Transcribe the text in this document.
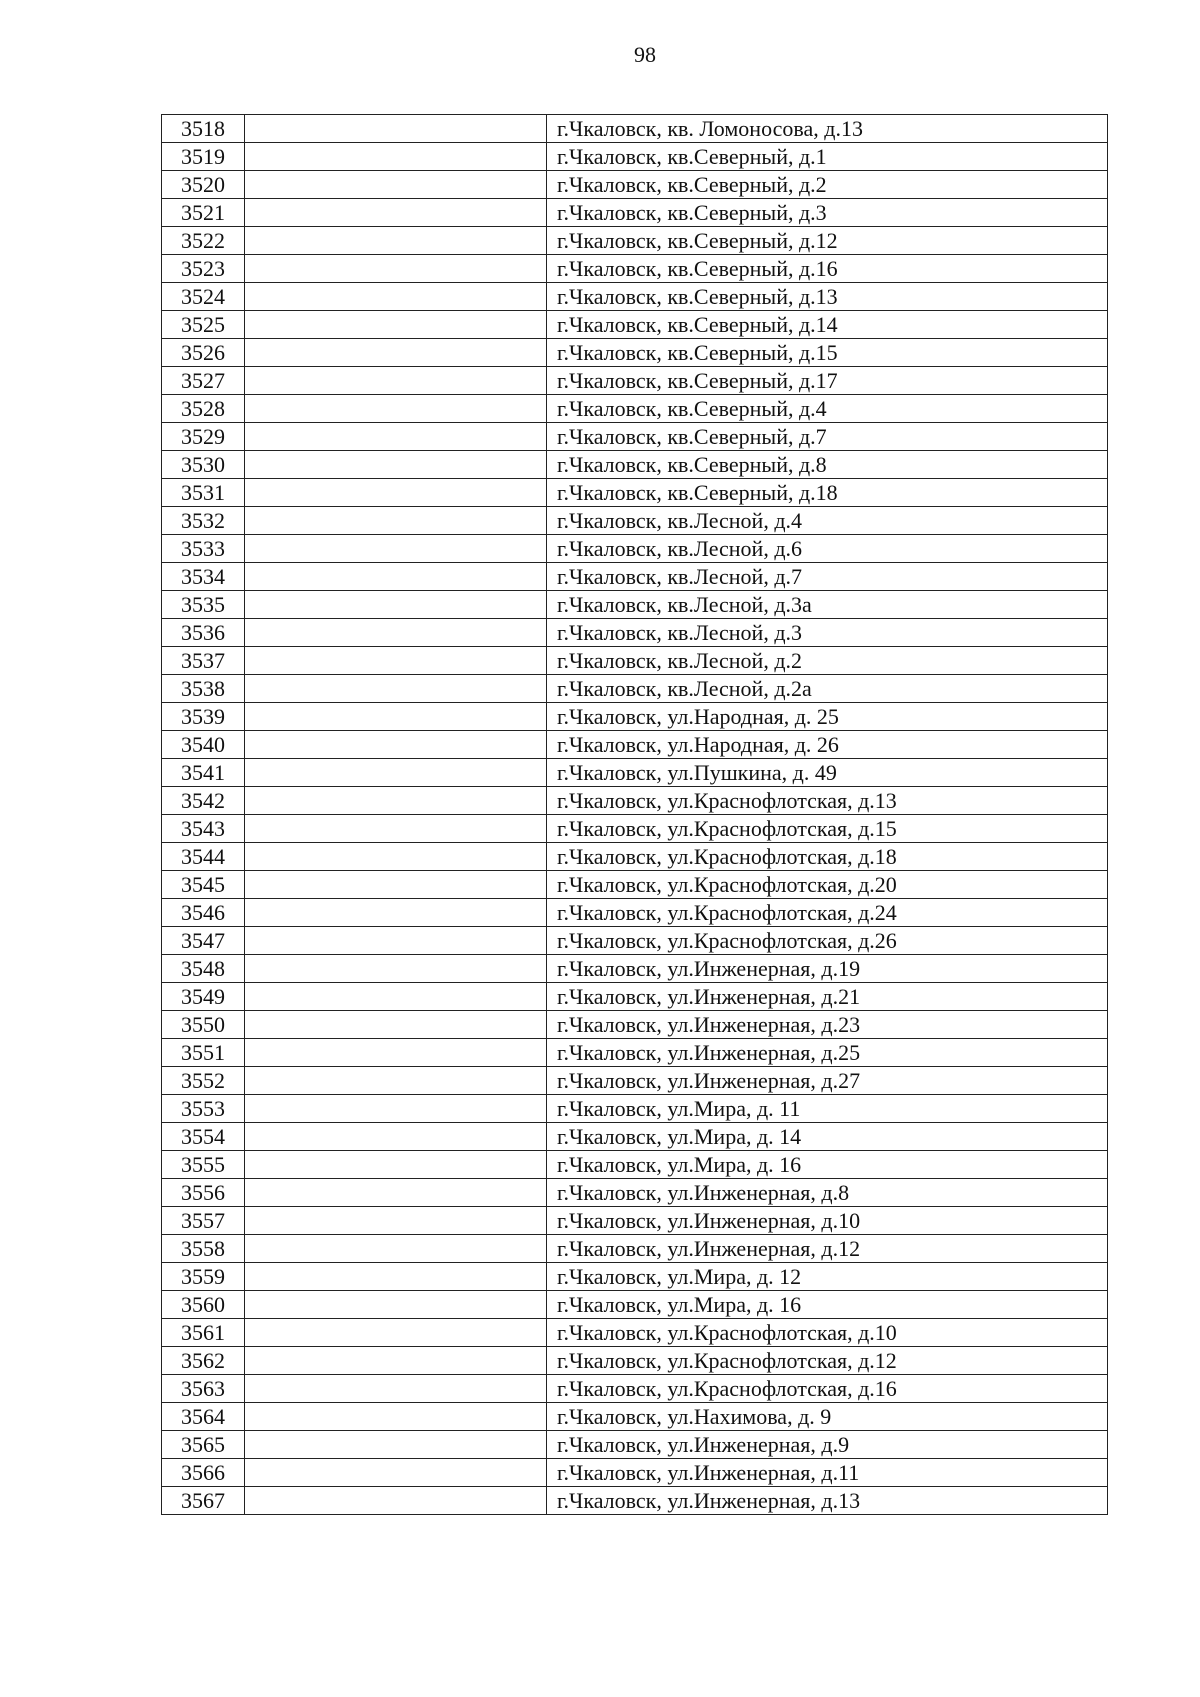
98
3518		г.Чкаловск, кв. Ломоносова, д.13
3519		г.Чкаловск, кв.Северный, д.1
3520		г.Чкаловск, кв.Северный, д.2
3521		г.Чкаловск, кв.Северный, д.3
3522		г.Чкаловск, кв.Северный, д.12
3523		г.Чкаловск, кв.Северный, д.16
3524		г.Чкаловск, кв.Северный, д.13
3525		г.Чкаловск, кв.Северный, д.14
3526		г.Чкаловск, кв.Северный, д.15
3527		г.Чкаловск, кв.Северный, д.17
3528		г.Чкаловск, кв.Северный, д.4
3529		г.Чкаловск, кв.Северный, д.7
3530		г.Чкаловск, кв.Северный, д.8
3531		г.Чкаловск, кв.Северный, д.18
3532		г.Чкаловск, кв.Лесной, д.4
3533		г.Чкаловск, кв.Лесной, д.6
3534		г.Чкаловск, кв.Лесной, д.7
3535		г.Чкаловск, кв.Лесной, д.3а
3536		г.Чкаловск, кв.Лесной, д.3
3537		г.Чкаловск, кв.Лесной, д.2
3538		г.Чкаловск, кв.Лесной, д.2а
3539		г.Чкаловск, ул.Народная, д. 25
3540		г.Чкаловск, ул.Народная, д. 26
3541		г.Чкаловск, ул.Пушкина, д. 49
3542		г.Чкаловск, ул.Краснофлотская, д.13
3543		г.Чкаловск, ул.Краснофлотская, д.15
3544		г.Чкаловск, ул.Краснофлотская, д.18
3545		г.Чкаловск, ул.Краснофлотская, д.20
3546		г.Чкаловск, ул.Краснофлотская, д.24
3547		г.Чкаловск, ул.Краснофлотская, д.26
3548		г.Чкаловск, ул.Инженерная, д.19
3549		г.Чкаловск, ул.Инженерная, д.21
3550		г.Чкаловск, ул.Инженерная, д.23
3551		г.Чкаловск, ул.Инженерная, д.25
3552		г.Чкаловск, ул.Инженерная, д.27
3553		г.Чкаловск, ул.Мира, д. 11
3554		г.Чкаловск, ул.Мира, д. 14
3555		г.Чкаловск, ул.Мира, д. 16
3556		г.Чкаловск, ул.Инженерная, д.8
3557		г.Чкаловск, ул.Инженерная, д.10
3558		г.Чкаловск, ул.Инженерная, д.12
3559		г.Чкаловск, ул.Мира, д. 12
3560		г.Чкаловск, ул.Мира, д. 16
3561		г.Чкаловск, ул.Краснофлотская, д.10
3562		г.Чкаловск, ул.Краснофлотская, д.12
3563		г.Чкаловск, ул.Краснофлотская, д.16
3564		г.Чкаловск, ул.Нахимова, д. 9
3565		г.Чкаловск, ул.Инженерная, д.9
3566		г.Чкаловск, ул.Инженерная, д.11
3567		г.Чкаловск, ул.Инженерная, д.13
